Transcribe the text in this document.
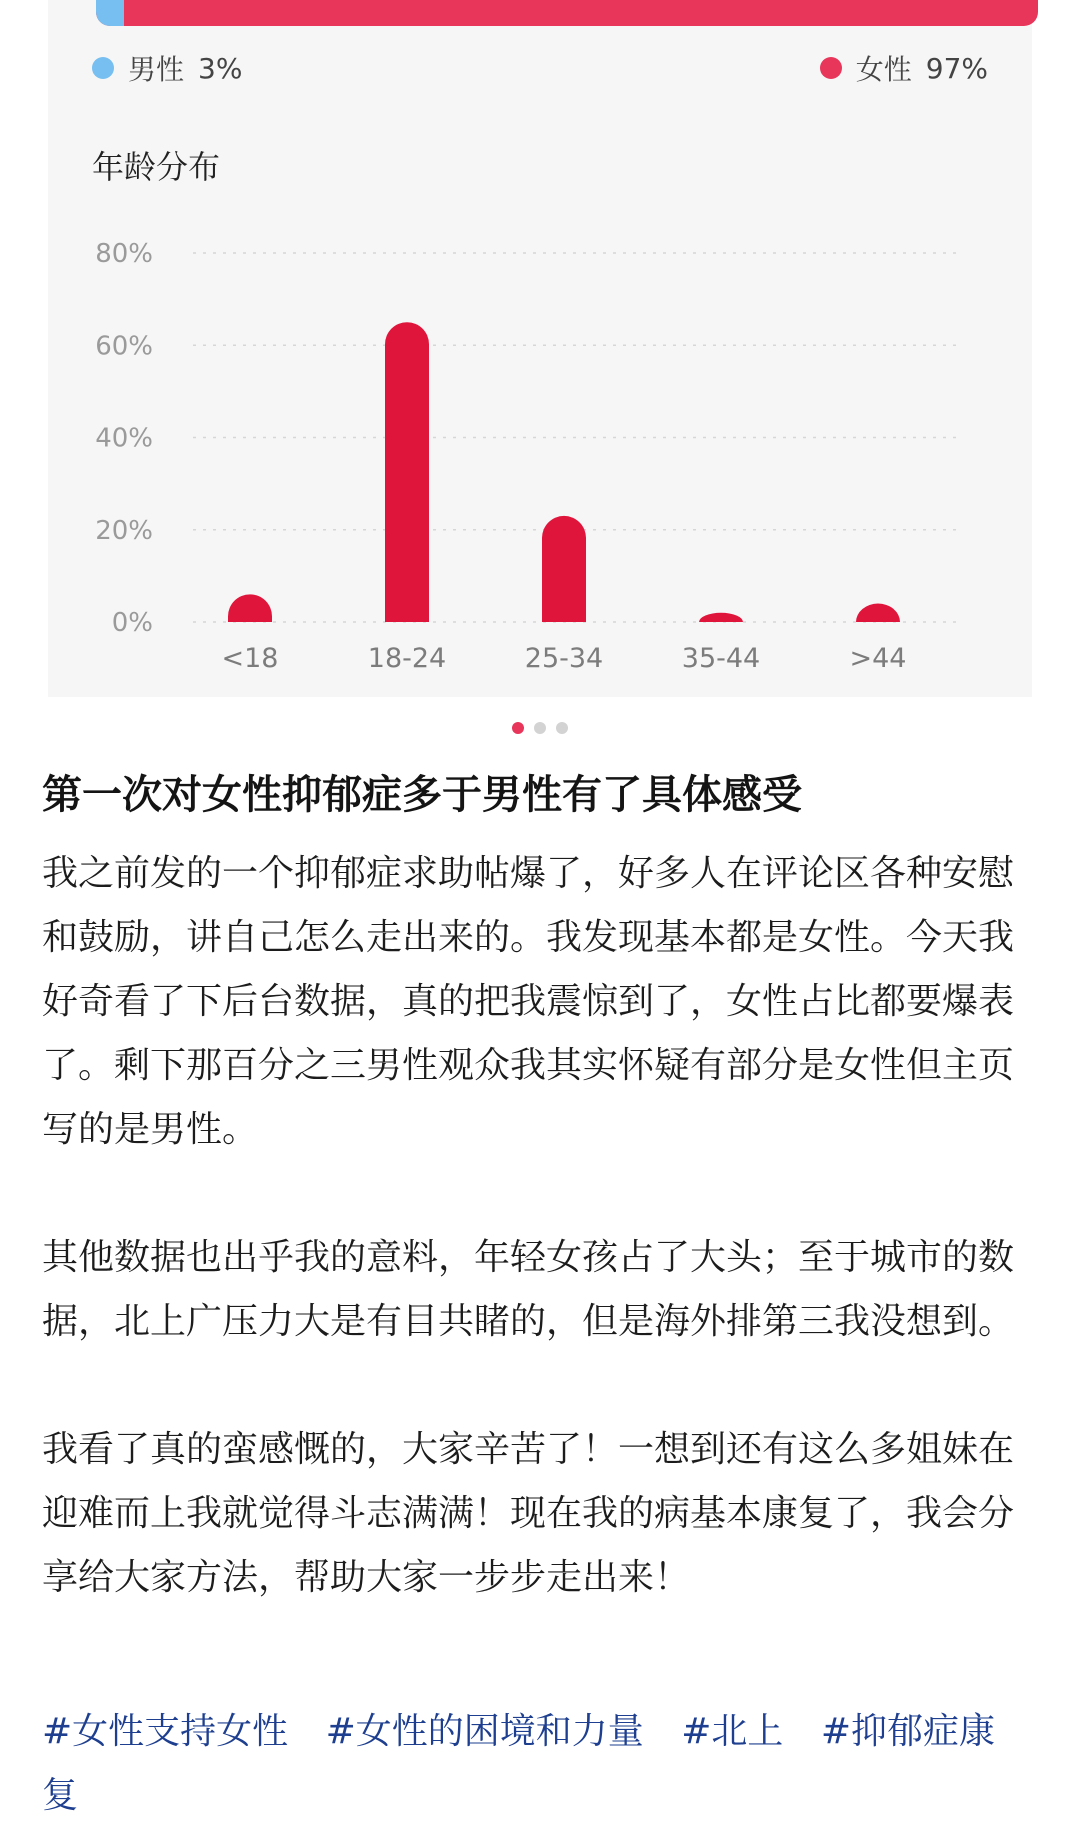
男性 3%	女性 97%
年龄分布
0%
20%
40%
60%
80%
<18	18-24	25-34	35-44	>44
第一次对女性抑郁症多于男性有了具体感受

我之前发的一个抑郁症求助帖爆了，好多人在评论区各种安慰和鼓励，讲自己怎么走出来的。我发现基本都是女性。今天我好奇看了下后台数据，真的把我震惊到了，女性占比都要爆表了。剩下那百分之三男性观众我其实怀疑有部分是女性但主页写的是男性。

其他数据也出乎我的意料，年轻女孩占了大头；至于城市的数据，北上广压力大是有目共睹的，但是海外排第三我没想到。

我看了真的蛮感慨的，大家辛苦了！一想到还有这么多姐妹在迎难而上我就觉得斗志满满！现在我的病基本康复了，我会分享给大家方法，帮助大家一步步走出来！

#女性支持女性 #女性的困境和力量 #北上 #抑郁症康复
